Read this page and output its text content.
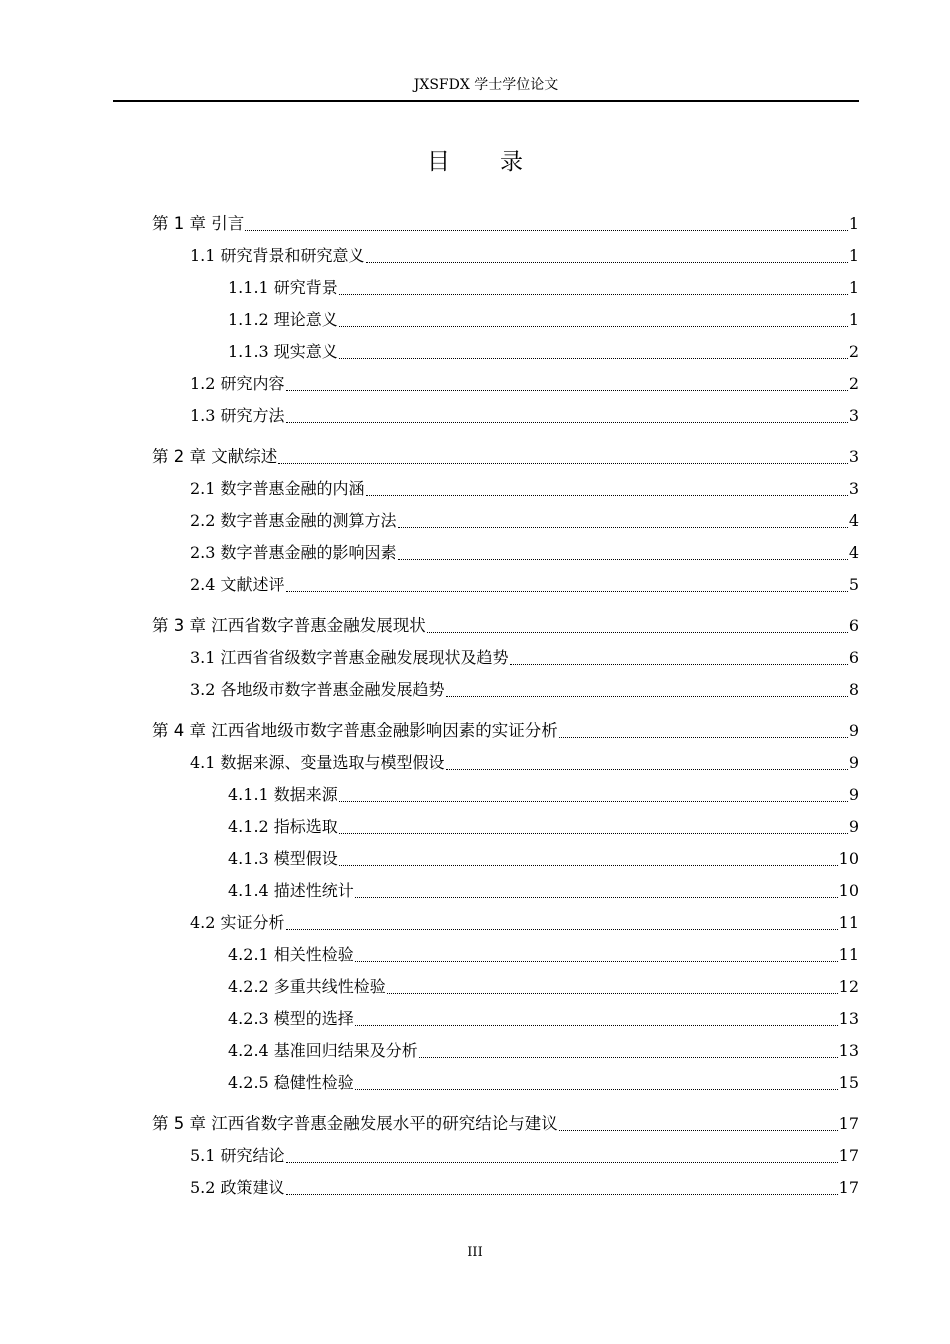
JXSFDX 学士学位论文
目 录
第 1 章 引言	1
1.1 研究背景和研究意义	1
1.1.1 研究背景	1
1.1.2 理论意义	1
1.1.3 现实意义	2
1.2 研究内容	2
1.3 研究方法	3
第 2 章 文献综述	3
2.1 数字普惠金融的内涵	3
2.2 数字普惠金融的测算方法	4
2.3 数字普惠金融的影响因素	4
2.4 文献述评	5
第 3 章 江西省数字普惠金融发展现状	6
3.1 江西省省级数字普惠金融发展现状及趋势	6
3.2 各地级市数字普惠金融发展趋势	8
第 4 章 江西省地级市数字普惠金融影响因素的实证分析	9
4.1 数据来源、变量选取与模型假设	9
4.1.1 数据来源	9
4.1.2 指标选取	9
4.1.3 模型假设	10
4.1.4 描述性统计	10
4.2 实证分析	11
4.2.1 相关性检验	11
4.2.2 多重共线性检验	12
4.2.3 模型的选择	13
4.2.4 基准回归结果及分析	13
4.2.5 稳健性检验	15
第 5 章 江西省数字普惠金融发展水平的研究结论与建议	17
5.1 研究结论	17
5.2 政策建议	17
III
